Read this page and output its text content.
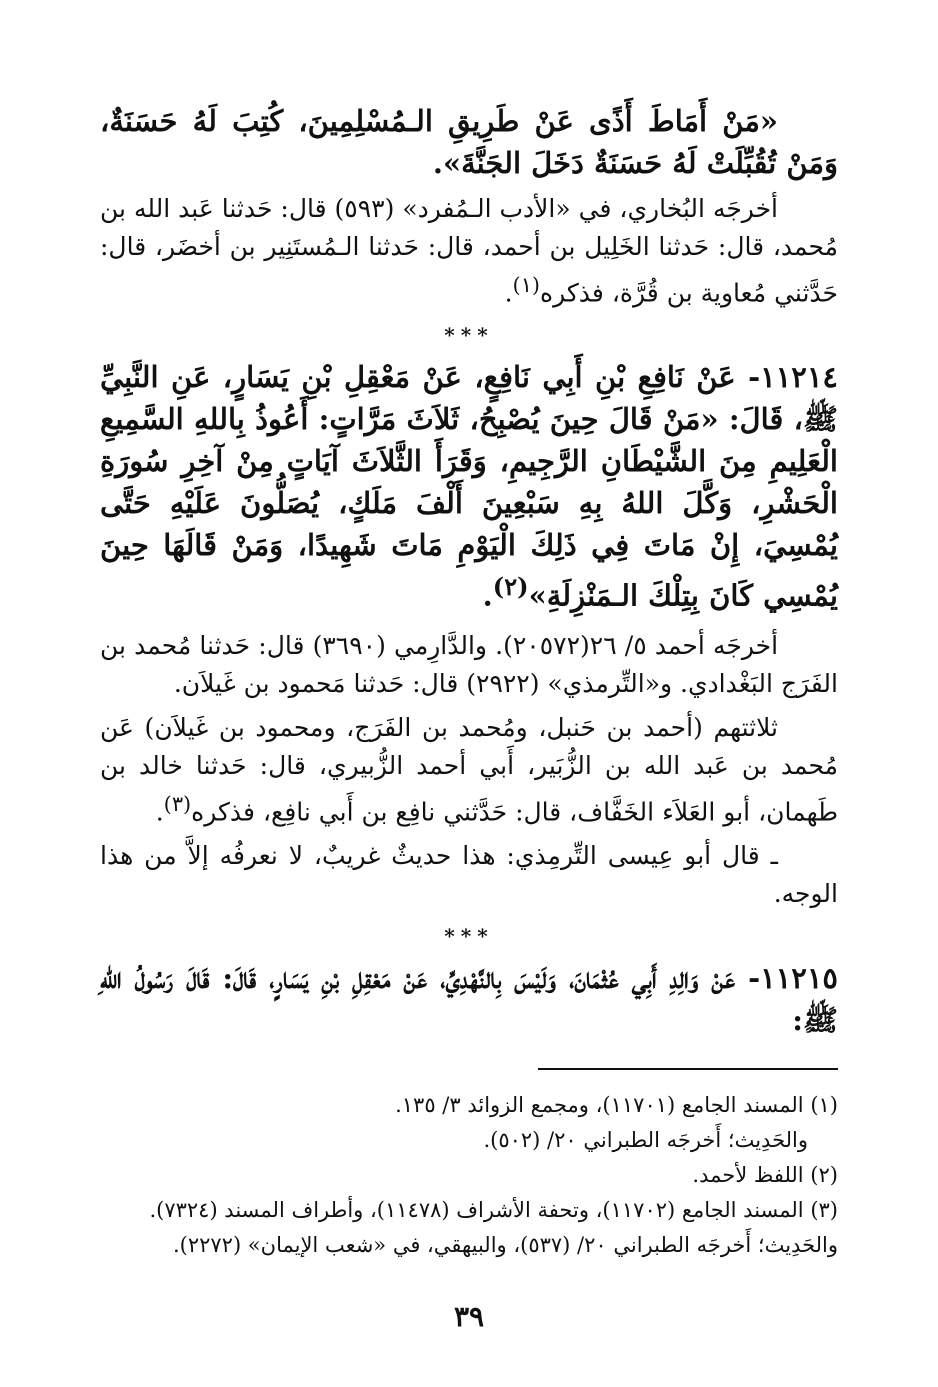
«مَنْ أَمَاطَ أَذًى عَنْ طَرِيقِ الـمُسْلِمِينَ، كُتِبَ لَهُ حَسَنَةٌ، وَمَنْ تُقُبِّلَتْ لَهُ حَسَنَةٌ دَخَلَ الجَنَّةَ».

أخرجَه البُخاري، في «الأدب الـمُفرد» (٥٩٣) قال: حَدثنا عَبد الله بن مُحمد، قال: حَدثنا الخَلِيل بن أحمد، قال: حَدثنا الـمُستَنِير بن أخضَر، قال: حَدَّثني مُعاوية بن قُرَّة، فذكره$^{(١)}$.

***

١١٢١٤- عَنْ نَافِعِ بْنِ أَبِي نَافِعٍ، عَنْ مَعْقِلِ بْنِ يَسَارٍ، عَنِ النَّبِيِّ ﷺ، قَالَ: «مَنْ قَالَ حِينَ يُصْبِحُ، ثَلاَثَ مَرَّاتٍ: أَعُوذُ بِاللهِ السَّمِيعِ الْعَلِيمِ مِنَ الشَّيْطَانِ الرَّجِيمِ، وَقَرَأَ الثَّلاَثَ آيَاتٍ مِنْ آخِرِ سُورَةِ الْحَشْرِ، وَكَّلَ اللهُ بِهِ سَبْعِينَ أَلْفَ مَلَكٍ، يُصَلُّونَ عَلَيْهِ حَتَّى يُمْسِيَ، إِنْ مَاتَ فِي ذَلِكَ الْيَوْمِ مَاتَ شَهِيدًا، وَمَنْ قَالَهَا حِينَ يُمْسِي كَانَ بِتِلْكَ الـمَنْزِلَةِ»$^{(٢)}$.

أخرجَه أحمد ٥/ ٢٦(٢٠٥٧٢). والدَّارِمي (٣٦٩٠) قال: حَدثنا مُحمد بن الفَرَج البَغْدادي. و«التِّرمذي» (٢٩٢٢) قال: حَدثنا مَحمود بن غَيلاَن.

ثلاثتهم (أحمد بن حَنبل، ومُحمد بن الفَرَج، ومحمود بن غَيلاَن) عَن مُحمد بن عَبد الله بن الزُّبَير، أَبي أحمد الزُّبيري، قال: حَدثنا خالد بن طَهمان، أبو العَلاَء الخَفَّاف، قال: حَدَّثني نافِع بن أَبي نافِع، فذكره$^{(٣)}$.

ـ قال أبو عِيسى التِّرمِذي: هذا حديثٌ غريبٌ، لا نعرفُه إلاَّ من هذا الوجه.

***

١١٢١٥- عَنْ وَالِدِ أَبِي عُثْمَانَ، وَلَيْسَ بِالنَّهْدِيِّ، عَنْ مَعْقِلِ بْنِ يَسَارٍ، قَالَ: قَالَ رَسُولُ اللهِ ﷺ:

(١) المسند الجامع (١١٧٠١)، ومجمع الزوائد ٣/ ١٣٥.

والحَدِيث؛ أَخرجَه الطبراني ٢٠/ (٥٠٢).

(٢) اللفظ لأحمد.

(٣) المسند الجامع (١١٧٠٢)، وتحفة الأشراف (١١٤٧٨)، وأطراف المسند (٧٣٢٤).

والحَدِيث؛ أَخرجَه الطبراني ٢٠/ (٥٣٧)، والبيهقي، في «شعب الإيمان» (٢٢٧٢).

٣٩
